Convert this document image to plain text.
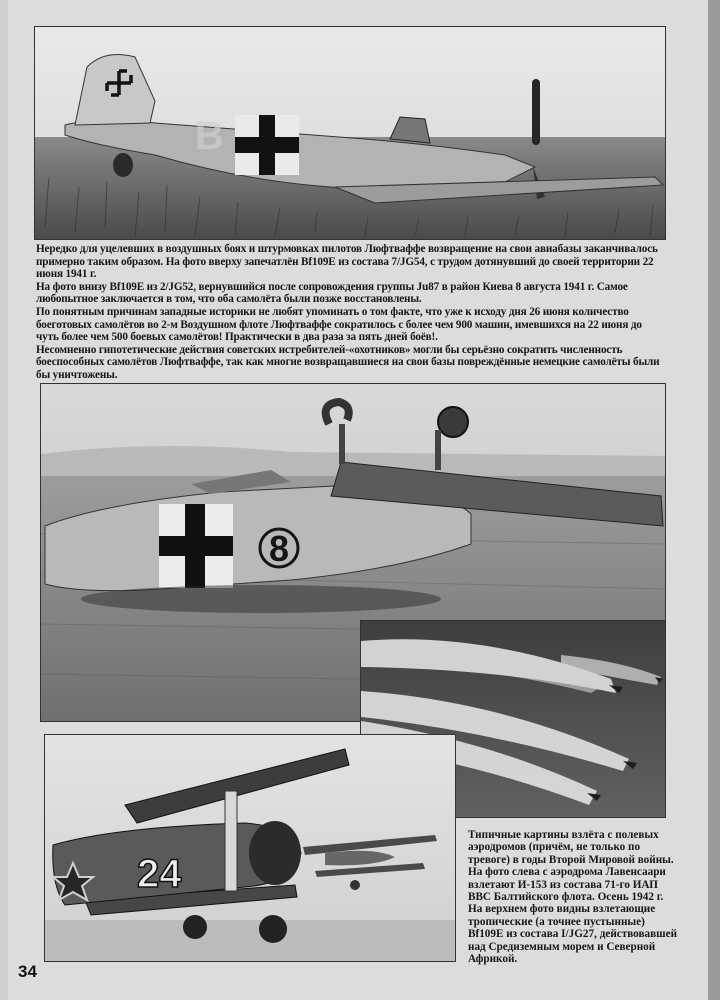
B

Нередко для уцелевших в воздушных боях и штурмовках пилотов Люфтваффе возвращение на свои авиабазы заканчивалось примерно таким образом. На фото вверху запечатлён Bf109E из состава 7/JG54, с трудом дотянувший до своей территории 22 июня 1941 г.

На фото внизу Bf109E из 2/JG52, вернувшийся после сопровождения группы Ju87 в район Киева 8 августа 1941 г. Самое любопытное заключается в том, что оба самолёта были позже восстановлены.

По понятным причинам западные историки не любят упоминать о том факте, что уже к исходу дня 26 июня количество боеготовых самолётов во 2-м Воздушном флоте Люфтваффе сократилось с более чем 900 машин, имевшихся на 22 июня до чуть более чем 500 боевых самолётов! Практически в два раза за пять дней боёв!.

Несомненно гипотетические действия советских истребителей-«охотников» могли бы серьёзно сократить численность боеспособных самолётов Люфтваффе, так как многие возвращавшиеся на свои базы повреждённые немецкие самолёты были бы уничтожены.

8
24

Типичные картины взлёта с полевых аэродромов (причём, не только по тревоге) в годы Второй Мировой войны. На фото слева с аэродрома Лавенсаари взлетают И-153 из состава 71-го ИАП ВВС Балтийского флота. Осень 1942 г.

На верхнем фото видны взлетающие тропические (а точнее пустынные) Bf109E из состава I/JG27, действовавшей над Средиземным морем и Северной Африкой.

34
